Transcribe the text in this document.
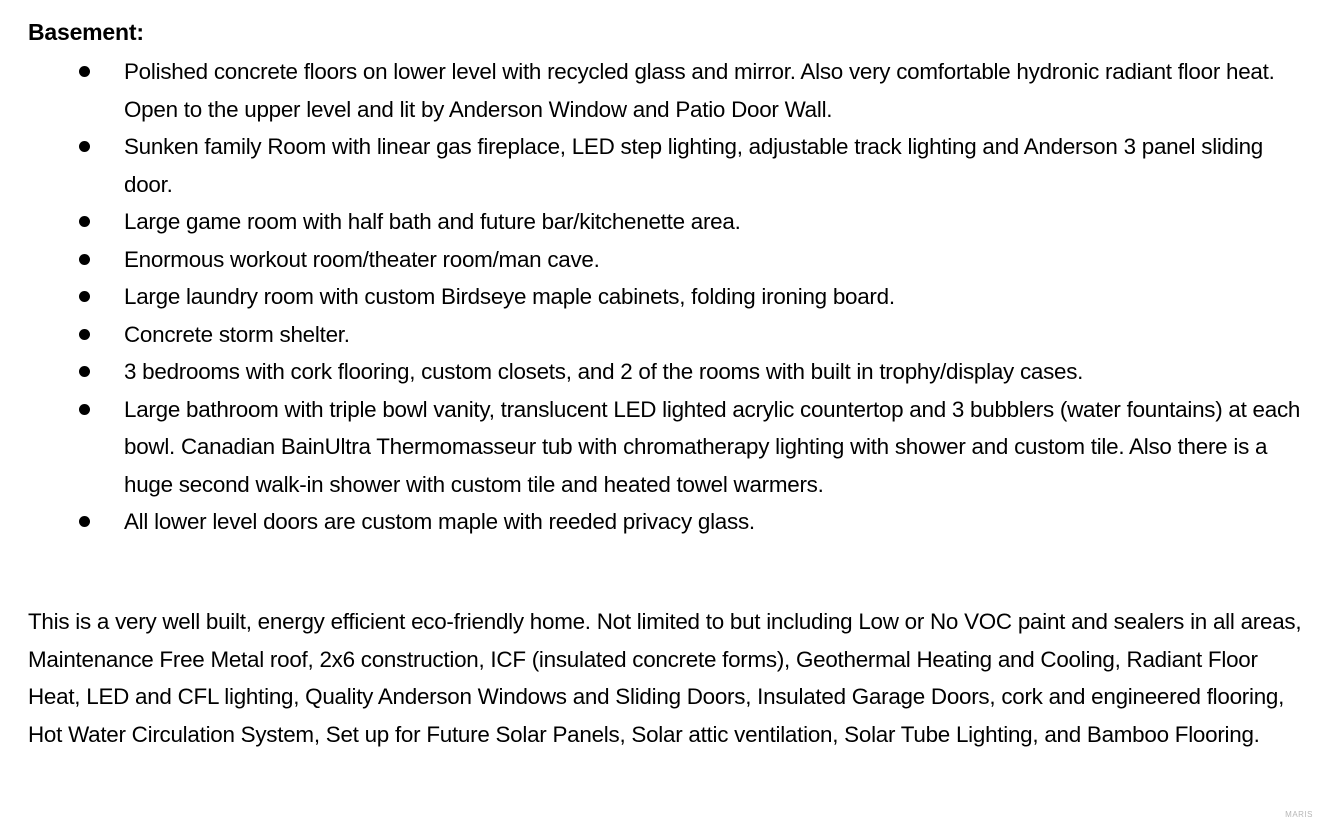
Basement:
Polished concrete floors on lower level with recycled glass and mirror. Also very comfortable hydronic radiant floor heat. Open to the upper level and lit by Anderson Window and Patio Door Wall.
Sunken family Room with linear gas fireplace, LED step lighting, adjustable track lighting and Anderson 3 panel sliding door.
Large game room with half bath and future bar/kitchenette area.
Enormous workout room/theater room/man cave.
Large laundry room with custom Birdseye maple cabinets, folding ironing board.
Concrete storm shelter.
3 bedrooms with cork flooring, custom closets, and 2 of the rooms with built in trophy/display cases.
Large bathroom with triple bowl vanity, translucent LED lighted acrylic countertop and 3 bubblers (water fountains) at each bowl. Canadian BainUltra Thermomasseur tub with chromatherapy lighting with shower and custom tile. Also there is a huge second walk-in shower with custom tile and heated towel warmers.
All lower level doors are custom maple with reeded privacy glass.

This is a very well built, energy efficient eco-friendly home. Not limited to but including Low or No VOC paint and sealers in all areas, Maintenance Free Metal roof, 2x6 construction, ICF (insulated concrete forms), Geothermal Heating and Cooling, Radiant Floor Heat, LED and CFL lighting, Quality Anderson Windows and Sliding Doors, Insulated Garage Doors, cork and engineered flooring, Hot Water Circulation System, Set up for Future Solar Panels, Solar attic ventilation, Solar Tube Lighting, and Bamboo Flooring.

MARIS
